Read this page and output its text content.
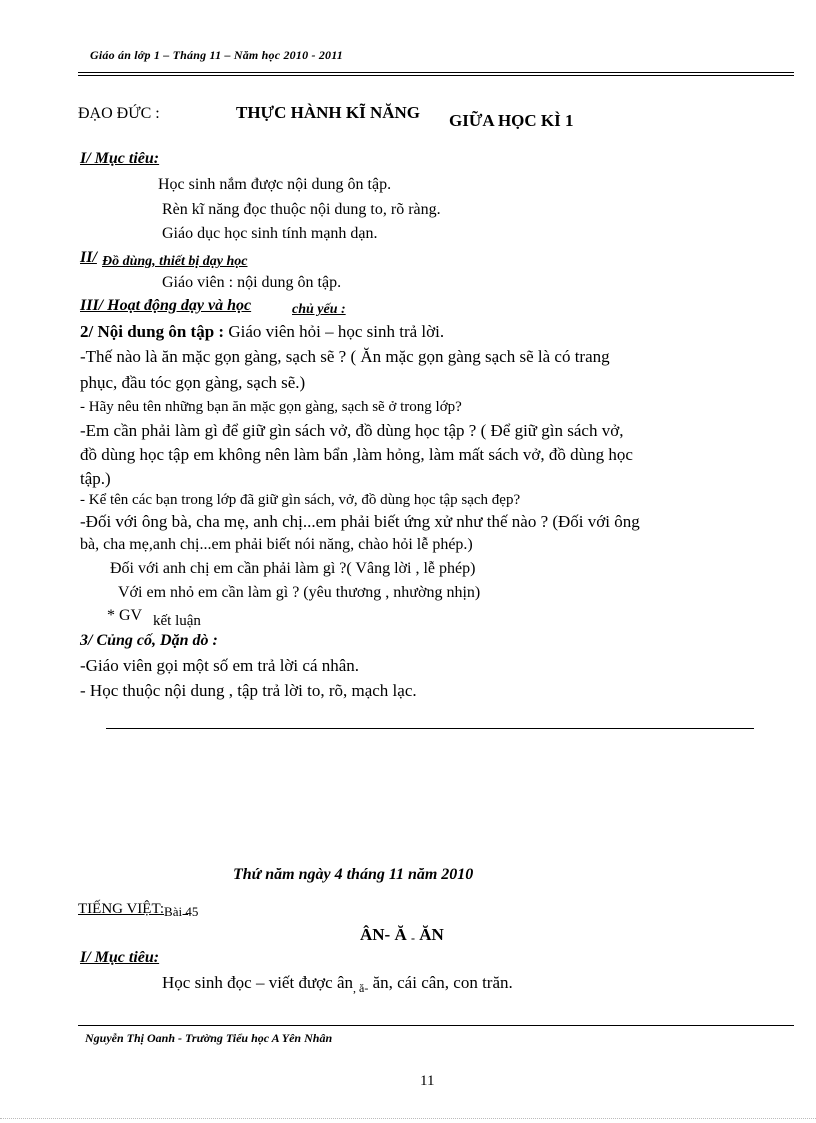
Giáo án lớp 1 – Tháng 11 – Năm học 2010 - 2011
ĐẠO ĐỨC :	THỰC HÀNH KĨ NĂNG GIỮA HỌC KÌ 1
I/ Mục tiêu:
Học sinh nắm được nội dung ôn tập.
Rèn kĩ năng đọc thuộc nội dung to, rõ ràng.
Giáo dục học sinh tính mạnh dạn.
II/ Đồ dùng, thiết bị dạy học
Giáo viên : nội dung ôn tập.
III/ Hoạt động dạy và học	chủ yếu :
2/ Nội dung ôn tập : Giáo viên hỏi – học sinh trả lời.
-Thế nào là ăn mặc gọn gàng, sạch sẽ ? ( Ăn mặc gọn gàng sạch sẽ là có trang
phục, đầu tóc gọn gàng, sạch sẽ.)
- Hãy nêu tên những bạn ăn mặc gọn gàng, sạch sẽ ở trong lớp?
-Em cần phải làm gì để giữ gìn sách vở, đồ dùng học tập ? ( Để giữ gìn sách vở,
đồ dùng học tập em không nên làm bẩn ,làm hỏng, làm mất sách vở, đồ dùng học
tập.)
- Kể tên các bạn trong lớp đã giữ gìn sách, vở, đồ dùng học tập sạch đẹp?
-Đối với ông bà, cha mẹ, anh chị...em phải biết ứng xử như thế nào ? (Đối với ông
bà, cha mẹ,anh chị...em phải biết nói năng, chào hỏi lễ phép.)
Đối với anh chị em cần phải làm gì ?( Vâng lời , lễ phép)
Với em nhỏ em cần làm gì ? (yêu thương , nhường nhịn)
* GV kết luận
3/ Củng cố, Dặn dò :
-Giáo viên gọi một số em trả lời cá nhân.
- Học thuộc nội dung , tập trả lời to, rõ, mạch lạc.
Thứ năm ngày 4 tháng 11 năm 2010
TIẾNG VIỆT:Bài 45
ÂN- Ă - ĂN
I/ Mục tiêu:
Học sinh đọc – viết được $ân_{, ă-}$ ăn, cái cân, con trăn.
Nguyễn Thị Oanh - Trường Tiểu học A Yên Nhân
11
